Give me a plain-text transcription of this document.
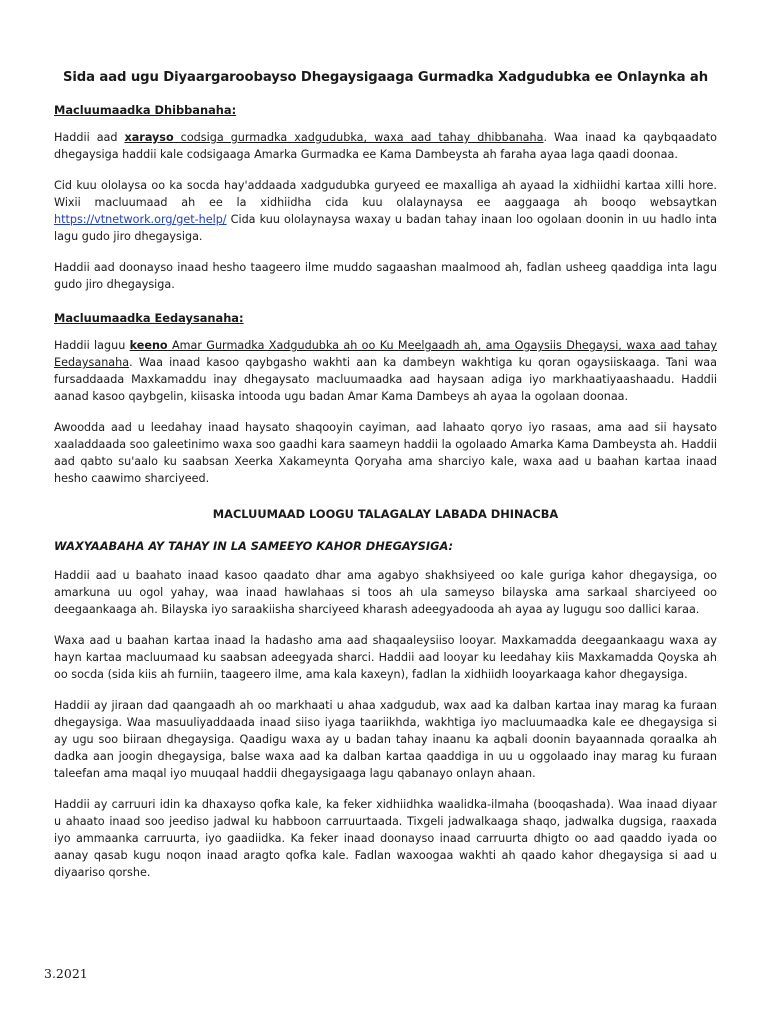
Sida aad ugu Diyaargaroobayso Dhegaysigaaga Gurmadka Xadgudubka ee Onlaynka ah
Macluumaadka Dhibbanaha:

Haddii aad xarayso codsiga gurmadka xadgudubka, waxa aad tahay dhibbanaha. Waa inaad ka qaybqaadato dhegaysiga haddii kale codsigaaga Amarka Gurmadka ee Kama Dambeysta ah faraha ayaa laga qaadi doonaa.

Cid kuu ololaysa oo ka socda hay'addaada xadgudubka guryeed ee maxalliga ah ayaad la xidhiidhi kartaa xilli hore. Wixii macluumaad ah ee la xidhiidha cida kuu olalaynaysa ee aaggaaga ah booqo websaytkan https://vtnetwork.org/get-help/ Cida kuu ololaynaysa waxay u badan tahay inaan loo ogolaan doonin in uu hadlo inta lagu gudo jiro dhegaysiga.

Haddii aad doonayso inaad hesho taageero ilme muddo sagaashan maalmood ah, fadlan usheeg qaaddiga inta lagu gudo jiro dhegaysiga.

Macluumaadka Eedaysanaha:

Haddii laguu keeno Amar Gurmadka Xadgudubka ah oo Ku Meelgaadh ah, ama Ogaysiis Dhegaysi, waxa aad tahay Eedaysanaha. Waa inaad kasoo qaybgasho wakhti aan ka dambeyn wakhtiga ku qoran ogaysiiskaaga. Tani waa fursaddaada Maxkamaddu inay dhegaysato macluumaadka aad haysaan adiga iyo markhaatiyaashaadu. Haddii aanad kasoo qaybgelin, kiisaska intooda ugu badan Amar Kama Dambeys ah ayaa la ogolaan doonaa.

Awoodda aad u leedahay inaad haysato shaqooyin cayiman, aad lahaato qoryo iyo rasaas, ama aad sii haysato xaaladdaada soo galeetinimo waxa soo gaadhi kara saameyn haddii la ogolaado Amarka Kama Dambeysta ah. Haddii aad qabto su'aalo ku saabsan Xeerka Xakameynta Qoryaha ama sharciyo kale, waxa aad u baahan kartaa inaad hesho caawimo sharciyeed.

MACLUUMAAD LOOGU TALAGALAY LABADA DHINACBA
WAXYAABAHA AY TAHAY IN LA SAMEEYO KAHOR DHEGAYSIGA:

Haddii aad u baahato inaad kasoo qaadato dhar ama agabyo shakhsiyeed oo kale guriga kahor dhegaysiga, oo amarkuna uu ogol yahay, waa inaad hawlahaas si toos ah ula sameyso bilayska ama sarkaal sharciyeed oo deegaankaaga ah. Bilayska iyo saraakiisha sharciyeed kharash adeegyadooda ah ayaa ay lugugu soo dallici karaa.

Waxa aad u baahan kartaa inaad la hadasho ama aad shaqaaleysiiso looyar. Maxkamadda deegaankaagu waxa ay hayn kartaa macluumaad ku saabsan adeegyada sharci. Haddii aad looyar ku leedahay kiis Maxkamadda Qoyska ah oo socda (sida kiis ah furniin, taageero ilme, ama kala kaxeyn), fadlan la xidhiidh looyarkaaga kahor dhegaysiga.

Haddii ay jiraan dad qaangaadh ah oo markhaati u ahaa xadgudub, wax aad ka dalban kartaa inay marag ka furaan dhegaysiga. Waa masuuliyaddaada inaad siiso iyaga taariikhda, wakhtiga iyo macluumaadka kale ee dhegaysiga si ay ugu soo biiraan dhegaysiga. Qaadigu waxa ay u badan tahay inaanu ka aqbali doonin bayaannada qoraalka ah dadka aan joogin dhegaysiga, balse waxa aad ka dalban kartaa qaaddiga in uu u oggolaado inay marag ku furaan taleefan ama maqal iyo muuqaal haddii dhegaysigaaga lagu qabanayo onlayn ahaan.

Haddii ay carruuri idin ka dhaxayso qofka kale, ka feker xidhiidhka waalidka-ilmaha (booqashada). Waa inaad diyaar u ahaato inaad soo jeediso jadwal ku habboon carruurtaada. Tixgeli jadwalkaaga shaqo, jadwalka dugsiga, raaxada iyo ammaanka carruurta, iyo gaadiidka. Ka feker inaad doonayso inaad carruurta dhigto oo aad qaaddo iyada oo aanay qasab kugu noqon inaad aragto qofka kale. Fadlan waxoogaa wakhti ah qaado kahor dhegaysiga si aad u diyaariso qorshe.

3.2021
